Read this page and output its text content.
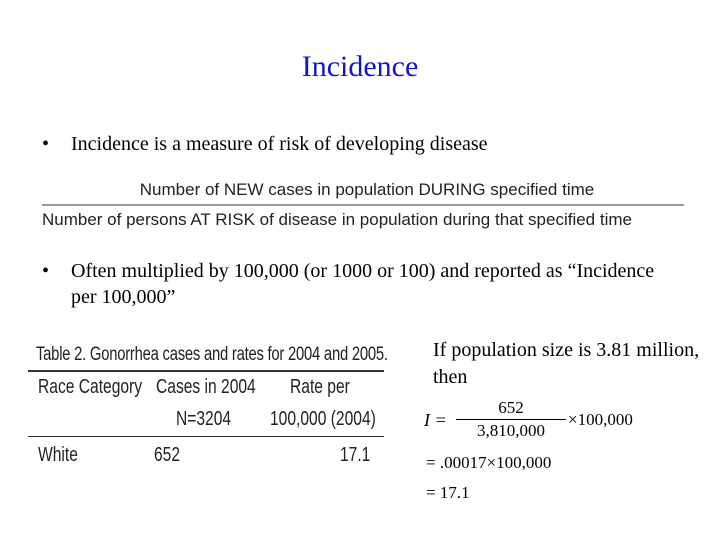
Incidence
• Incidence is a measure of risk of developing disease
Number of NEW cases in population DURING specified time
Number of persons AT RISK of disease in population during that specified time
• Often multiplied by 100,000 (or 1000 or 100) and reported as “Incidence per 100,000”
Table 2. Gonorrhea cases and rates for 2004 and 2005.
Race Category Cases in 2004 Rate per
N=3204 100,000 (2004)
White	652	17.1
If population size is 3.81 million, then
I =
652
3,810,000
×100,000
= .00017×100,000
= 17.1
